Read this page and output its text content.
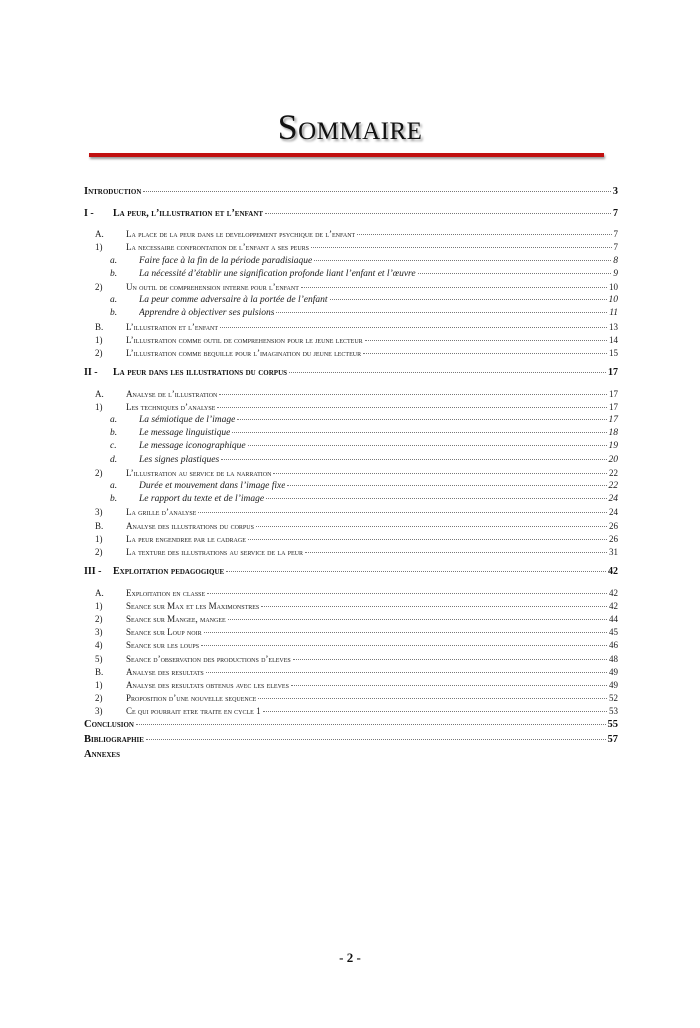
Sommaire
Introduction	3
I - La peur, l’illustration et l’enfant	7
A. La place de la peur dans le developpement psychique de l’enfant	7
1)	La necessaire confrontation de l’enfant a ses peurs	7
a. Faire face à la fin de la période paradisiaque	8
b. La nécessité d’établir une signification profonde liant l’enfant et l’œuvre	9
2)	Un outil de comprehension interne pour l’enfant	10
a. La peur comme adversaire à la portée de l’enfant	10
b. Apprendre à objectiver ses pulsions	11
B.	L’illustration et l’enfant	13
1)	L’illustration comme outil de comprehension pour le jeune lecteur	14
2)	L’illustration comme bequille pour l’imagination du jeune lecteur	15
II - La peur dans les illustrations du corpus	17
A. Analyse de l’illustration	17
1)	Les techniques d’analyse	17
a. La sémiotique de l’image	17
b. Le message linguistique	18
c. Le message iconographique	19
d. Les signes plastiques	20
2)	L’illustration au service de la narration	22
a. Durée et mouvement dans l’image fixe	22
b. Le rapport du texte et de l’image	24
3)	La grille d’analyse	24
B.	Analyse des illustrations du corpus	26
1)	La peur engendree par le cadrage	26
2)	La texture des illustrations au service de la peur	31
III - Exploitation pedagogique	42
A. Exploitation en classe	42
1)	Seance sur Max et les Maximonstres	42
2)	Seance sur Mangee, mangee	44
3)	Seance sur Loup noir	45
4)	Seance sur les loups	46
5)	Seance d’observation des productions d’eleves	48
B.	Analyse des resultats	49
1)	Analyse des resultats obtenus avec les eleves	49
2)	Proposition d’une nouvelle sequence	52
3)	Ce qui pourrait etre traite en cycle 1	53
Conclusion	55
Bibliographie	57
Annexes
- 2 -
